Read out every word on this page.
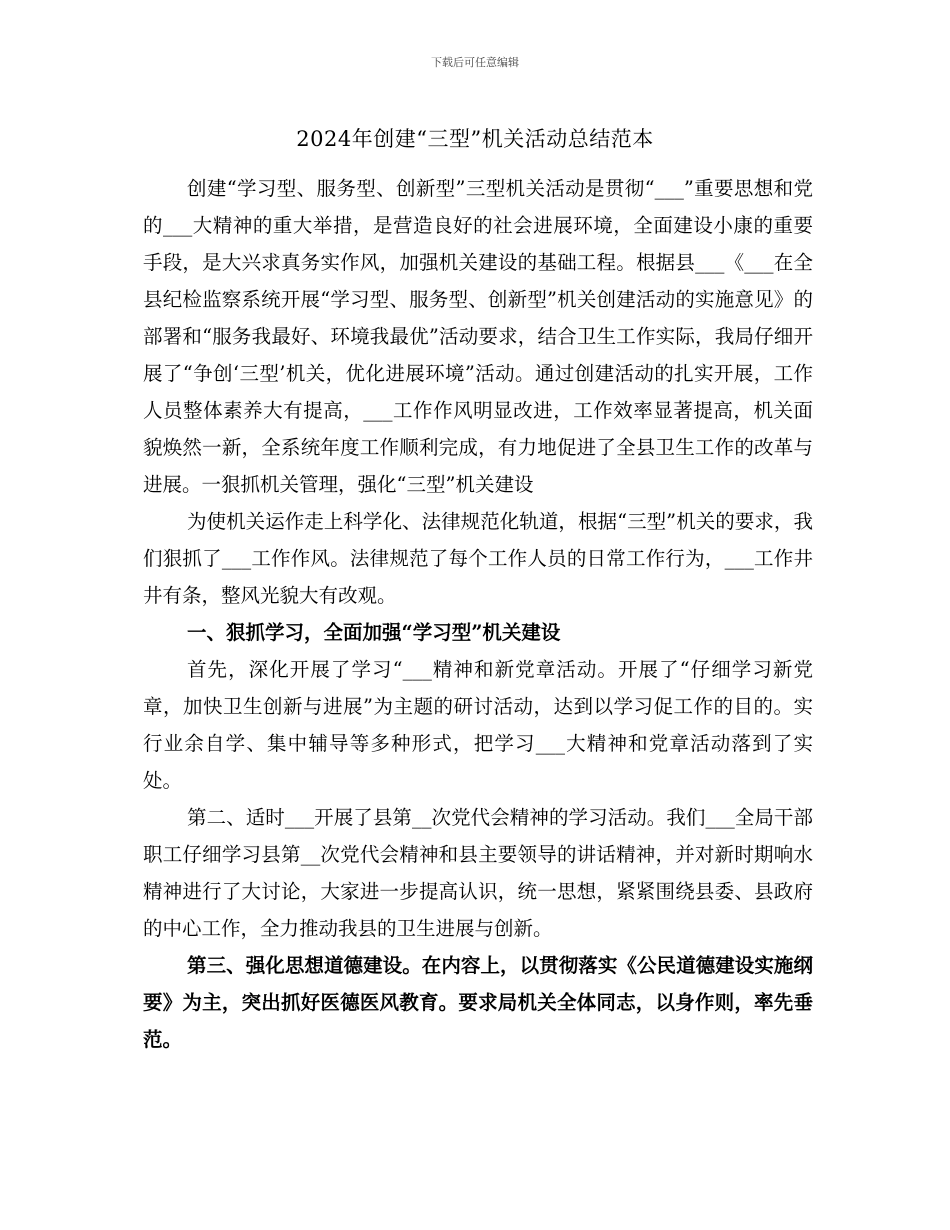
下载后可任意编辑
2024年创建“三型”机关活动总结范本

创建“学习型、服务型、创新型”三型机关活动是贯彻“___”重要思想和党的___大精神的重大举措，是营造良好的社会进展环境，全面建设小康的重要手段，是大兴求真务实作风，加强机关建设的基础工程。根据县___《___在全县纪检监察系统开展“学习型、服务型、创新型”机关创建活动的实施意见》的部署和“服务我最好、环境我最优”活动要求，结合卫生工作实际，我局仔细开展了“争创‘三型’机关，优化进展环境”活动。通过创建活动的扎实开展，工作人员整体素养大有提高，___工作作风明显改进，工作效率显著提高，机关面貌焕然一新，全系统年度工作顺利完成，有力地促进了全县卫生工作的改革与进展。一狠抓机关管理，强化“三型”机关建设

为使机关运作走上科学化、法律规范化轨道，根据“三型”机关的要求，我们狠抓了___工作作风。法律规范了每个工作人员的日常工作行为，___工作井井有条，整风光貌大有改观。

一、狠抓学习，全面加强“学习型”机关建设

首先，深化开展了学习“___精神和新党章活动。开展了“仔细学习新党章，加快卫生创新与进展”为主题的研讨活动，达到以学习促工作的目的。实行业余自学、集中辅导等多种形式，把学习___大精神和党章活动落到了实处。

第二、适时___开展了县第__次党代会精神的学习活动。我们___全局干部职工仔细学习县第__次党代会精神和县主要领导的讲话精神，并对新时期响水精神进行了大讨论，大家进一步提高认识，统一思想，紧紧围绕县委、县政府的中心工作，全力推动我县的卫生进展与创新。

第三、强化思想道德建设。在内容上，以贯彻落实《公民道德建设实施纲要》为主，突出抓好医德医风教育。要求局机关全体同志，以身作则，率先垂范。
